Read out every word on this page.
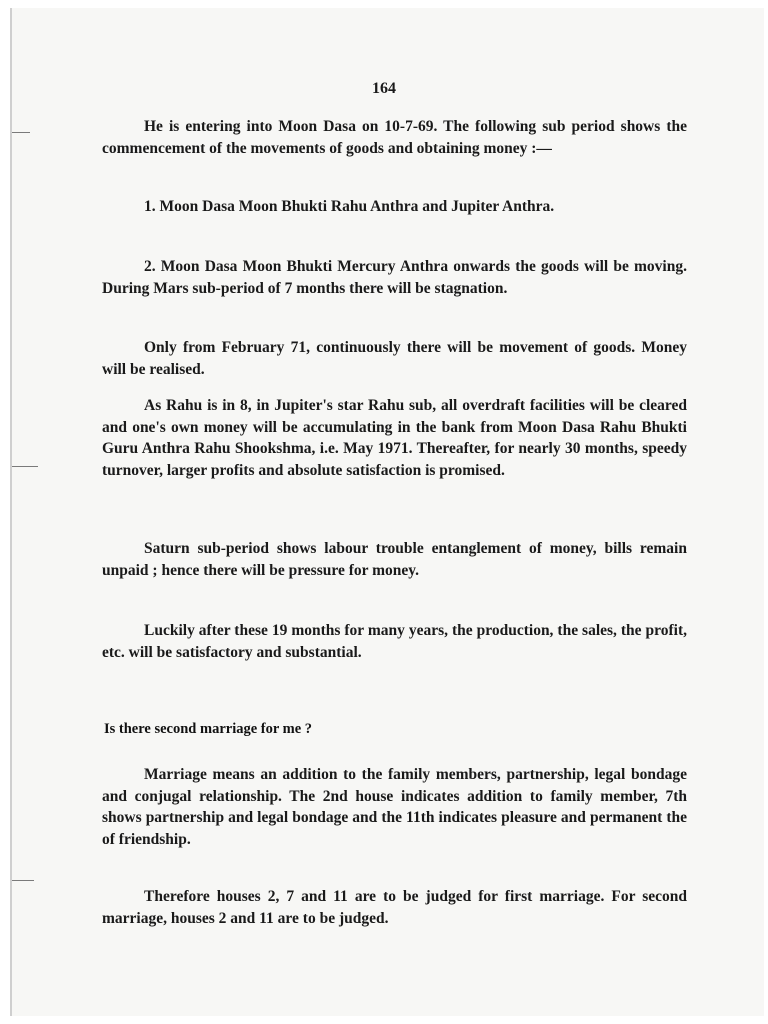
164

He is entering into Moon Dasa on 10-7-69. The following sub period shows the commencement of the movements of goods and obtaining money :—

1. Moon Dasa Moon Bhukti Rahu Anthra and Jupiter Anthra.

2. Moon Dasa Moon Bhukti Mercury Anthra onwards the goods will be moving. During Mars sub-period of 7 months there will be stagnation.

Only from February 71, continuously there will be movement of goods. Money will be realised.

As Rahu is in 8, in Jupiter's star Rahu sub, all overdraft facilities will be cleared and one's own money will be accumulating in the bank from Moon Dasa Rahu Bhukti Guru Anthra Rahu Shookshma, i.e. May 1971. Thereafter, for nearly 30 months, speedy turnover, larger profits and absolute satisfaction is promised.

Saturn sub-period shows labour trouble entanglement of money, bills remain unpaid ; hence there will be pressure for money.

Luckily after these 19 months for many years, the production, the sales, the profit, etc. will be satisfactory and substantial.

Is there second marriage for me ?

Marriage means an addition to the family members, partnership, legal bondage and conjugal relationship. The 2nd house indicates addition to family member, 7th shows partnership and legal bondage and the 11th indicates pleasure and permanent the of friendship.

Therefore houses 2, 7 and 11 are to be judged for first marriage. For second marriage, houses 2 and 11 are to be judged.
